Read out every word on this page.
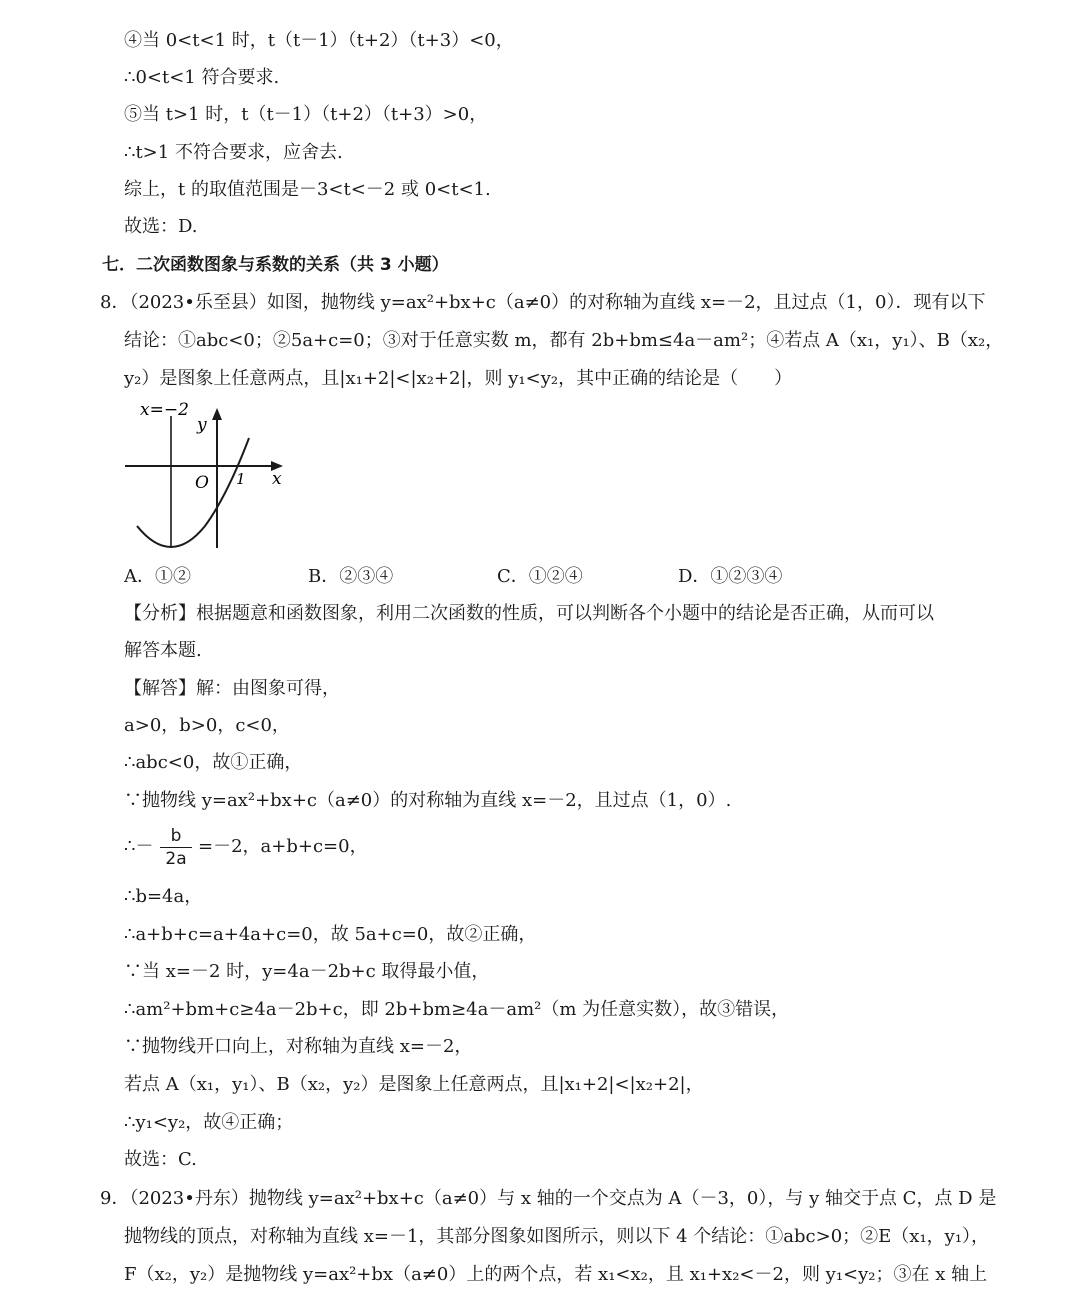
④当 0<t<1 时，t（t－1）（t+2）（t+3）<0，
∴0<t<1 符合要求.
⑤当 t>1 时，t（t－1）（t+2）（t+3）>0，
∴t>1 不符合要求，应舍去.
综上，t 的取值范围是－3<t<－2 或 0<t<1.
故选：D.
七．二次函数图象与系数的关系（共 3 小题）
8．（2023•乐至县）如图，抛物线 y=ax²+bx+c（a≠0）的对称轴为直线 x=－2，且过点（1，0）．现有以下
结论：①abc<0；②5a+c=0；③对于任意实数 m，都有 2b+bm≤4a－am²；④若点 A（x₁，y₁）、B（x₂，
y₂）是图象上任意两点，且|x₁+2|<|x₂+2|，则 y₁<y₂，其中正确的结论是（　　）
x=−2
y
x
O 1
A．①②	B．②③④	C．①②④	D．①②③④
【分析】根据题意和函数图象，利用二次函数的性质，可以判断各个小题中的结论是否正确，从而可以
解答本题.
【解答】解：由图象可得，
a>0，b>0，c<0，
∴abc<0，故①正确，
∵抛物线 y=ax²+bx+c（a≠0）的对称轴为直线 x=－2，且过点（1，0）.
∴－	b
2a
=－2，a+b+c=0，
∴b=4a，
∴a+b+c=a+4a+c=0，故 5a+c=0，故②正确，
∵当 x=－2 时，y=4a－2b+c 取得最小值，
∴am²+bm+c≥4a－2b+c，即 2b+bm≥4a－am²（m 为任意实数），故③错误，
∵抛物线开口向上，对称轴为直线 x=－2，
若点 A（x₁，y₁）、B（x₂，y₂）是图象上任意两点，且|x₁+2|<|x₂+2|，
∴y₁<y₂，故④正确；
故选：C.
9．（2023•丹东）抛物线 y=ax²+bx+c（a≠0）与 x 轴的一个交点为 A（－3，0），与 y 轴交于点 C，点 D 是
抛物线的顶点，对称轴为直线 x=－1，其部分图象如图所示，则以下 4 个结论：①abc>0；②E（x₁，y₁），
F（x₂，y₂）是抛物线 y=ax²+bx（a≠0）上的两个点，若 x₁<x₂，且 x₁+x₂<－2，则 y₁<y₂；③在 x 轴上
